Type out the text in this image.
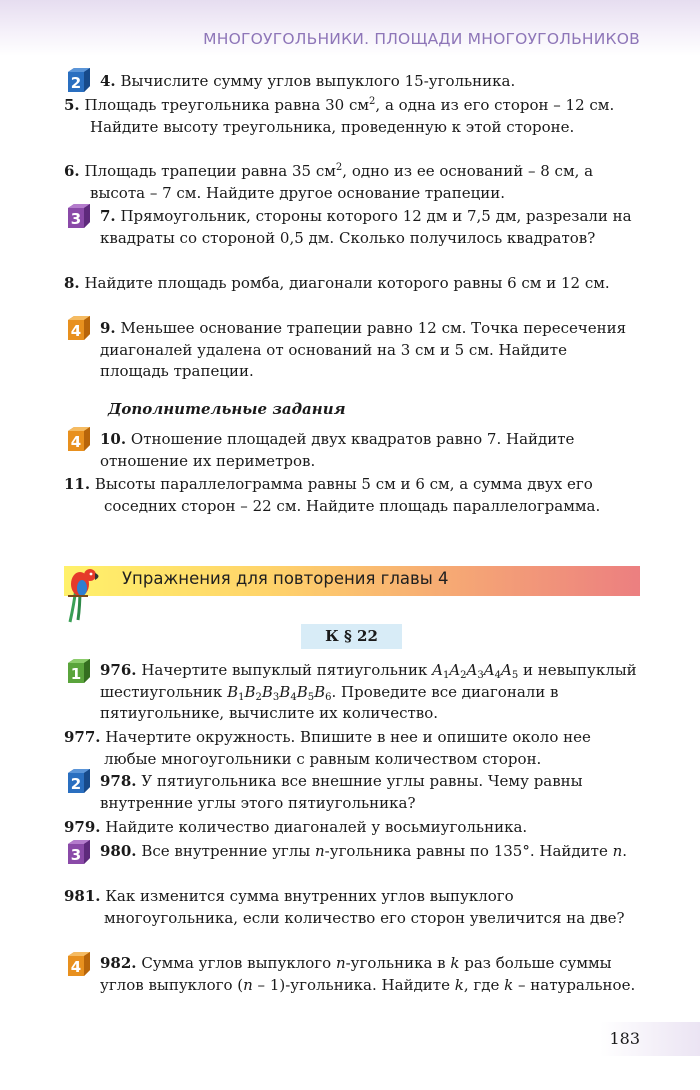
МНОГОУГОЛЬНИКИ. ПЛОЩАДИ МНОГОУГОЛЬНИКОВ
2 4. Вычислите сумму углов выпуклого 15-угольника.

5. Площадь треугольника равна 30 $см^2$, а одна из его сторон – 12 см. Найдите высоту треугольника, проведенную к этой стороне.

6. Площадь трапеции равна 35 $см^2$, одно из ее оснований – 8 см, а высота – 7 см. Найдите другое основание трапеции.

3 7. Прямоугольник, стороны которого 12 дм и 7,5 дм, разрезали на квадраты со стороной 0,5 дм. Сколько получилось квадратов?

8. Найдите площадь ромба, диагонали которого равны 6 см и 12 см.

4 9. Меньшее основание трапеции равно 12 см. Точка пересечения диагоналей удалена от оснований на 3 см и 5 см. Найдите площадь трапеции.

Дополнительные задания
4 10. Отношение площадей двух квадратов равно 7. Найдите отношение их периметров.

11. Высоты параллелограмма равны 5 см и 6 см, а сумма двух его соседних сторон – 22 см. Найдите площадь параллелограмма.

Упражнения для повторения главы 4
К § 22
1 976. Начертите выпуклый пятиугольник $A_1A_2A_3A_4A_5$ и невыпуклый шестиугольник $B_1B_2B_3B_4B_5B_6$. Проведите все диагонали в пятиугольнике, вычислите их количество.

977. Начертите окружность. Впишите в нее и опишите около нее любые многоугольники с равным количеством сторон.

2 978. У пятиугольника все внешние углы равны. Чему равны внутренние углы этого пятиугольника?

979. Найдите количество диагоналей у восьмиугольника.

3 980. Все внутренние углы n-угольника равны по 135°. Найдите n.

981. Как изменится сумма внутренних углов выпуклого многоугольника, если количество его сторон увеличится на две?

4 982. Сумма углов выпуклого n-угольника в k раз больше суммы углов выпуклого (n – 1)-угольника. Найдите k, где k – натуральное.

183
